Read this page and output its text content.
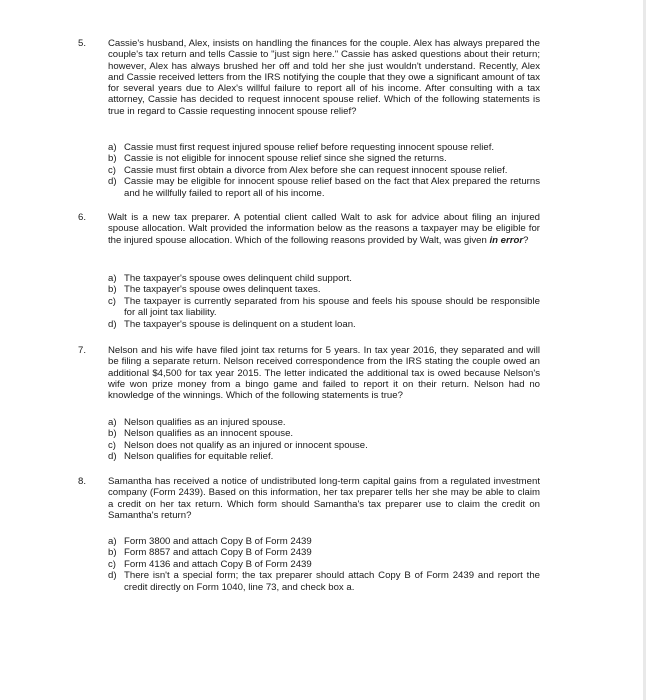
5. Cassie's husband, Alex, insists on handling the finances for the couple. Alex has always prepared the couple's tax return and tells Cassie to "just sign here." Cassie has asked questions about their return; however, Alex has always brushed her off and told her she just wouldn't understand. Recently, Alex and Cassie received letters from the IRS notifying the couple that they owe a significant amount of tax for several years due to Alex's willful failure to report all of his income. After consulting with a tax attorney, Cassie has decided to request innocent spouse relief. Which of the following statements is true in regard to Cassie requesting innocent spouse relief?

a) Cassie must first request injured spouse relief before requesting innocent spouse relief.
b) Cassie is not eligible for innocent spouse relief since she signed the returns.
c) Cassie must first obtain a divorce from Alex before she can request innocent spouse relief.
d) Cassie may be eligible for innocent spouse relief based on the fact that Alex prepared the returns and he willfully failed to report all of his income.
6. Walt is a new tax preparer. A potential client called Walt to ask for advice about filing an injured spouse allocation. Walt provided the information below as the reasons a taxpayer may be eligible for the injured spouse allocation. Which of the following reasons provided by Walt, was given in error?

a) The taxpayer's spouse owes delinquent child support.
b) The taxpayer's spouse owes delinquent taxes.
c) The taxpayer is currently separated from his spouse and feels his spouse should be responsible for all joint tax liability.
d) The taxpayer's spouse is delinquent on a student loan.
7. Nelson and his wife have filed joint tax returns for 5 years. In tax year 2016, they separated and will be filing a separate return. Nelson received correspondence from the IRS stating the couple owed an additional $4,500 for tax year 2015. The letter indicated the additional tax is owed because Nelson's wife won prize money from a bingo game and failed to report it on their return. Nelson had no knowledge of the winnings. Which of the following statements is true?

a) Nelson qualifies as an injured spouse.
b) Nelson qualifies as an innocent spouse.
c) Nelson does not qualify as an injured or innocent spouse.
d) Nelson qualifies for equitable relief.
8. Samantha has received a notice of undistributed long-term capital gains from a regulated investment company (Form 2439). Based on this information, her tax preparer tells her she may be able to claim a credit on her tax return. Which form should Samantha's tax preparer use to claim the credit on Samantha's return?

a) Form 3800 and attach Copy B of Form 2439
b) Form 8857 and attach Copy B of Form 2439
c) Form 4136 and attach Copy B of Form 2439
d) There isn't a special form; the tax preparer should attach Copy B of Form 2439 and report the credit directly on Form 1040, line 73, and check box a.
